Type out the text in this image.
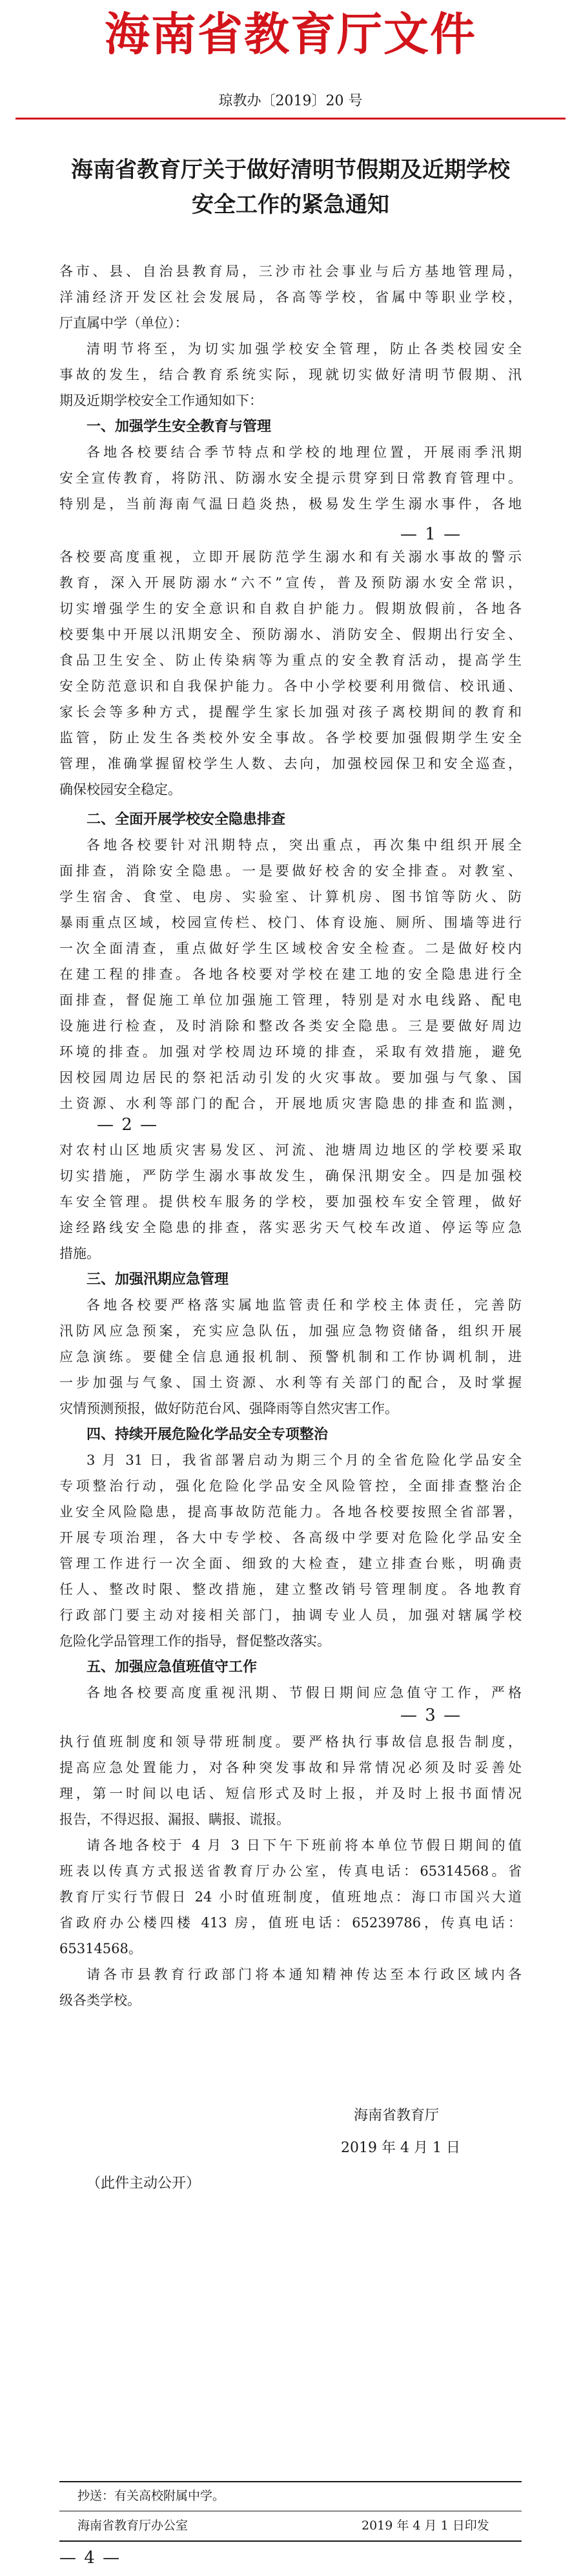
海南省教育厅文件
琼教办〔2019〕20 号
海南省教育厅关于做好清明节假期及近期学校
安全工作的紧急通知
各市、县、自治县教育局，三沙市社会事业与后方基地管理局，
洋浦经济开发区社会发展局，各高等学校，省属中等职业学校，
厅直属中学（单位）：
清明节将至，为切实加强学校安全管理，防止各类校园安全
事故的发生，结合教育系统实际，现就切实做好清明节假期、汛
期及近期学校安全工作通知如下：
一、加强学生安全教育与管理
各地各校要结合季节特点和学校的地理位置，开展雨季汛期
安全宣传教育，将防汛、防溺水安全提示贯穿到日常教育管理中。
特别是，当前海南气温日趋炎热，极易发生学生溺水事件，各地
— 1 —
各校要高度重视，立即开展防范学生溺水和有关溺水事故的警示
教育，深入开展防溺水“六不”宣传，普及预防溺水安全常识，
切实增强学生的安全意识和自救自护能力。假期放假前，各地各
校要集中开展以汛期安全、预防溺水、消防安全、假期出行安全、
食品卫生安全、防止传染病等为重点的安全教育活动，提高学生
安全防范意识和自我保护能力。各中小学校要利用微信、校讯通、
家长会等多种方式，提醒学生家长加强对孩子离校期间的教育和
监管，防止发生各类校外安全事故。各学校要加强假期学生安全
管理，准确掌握留校学生人数、去向，加强校园保卫和安全巡查，
确保校园安全稳定。
二、全面开展学校安全隐患排查
各地各校要针对汛期特点，突出重点，再次集中组织开展全
面排查，消除安全隐患。一是要做好校舍的安全排查。对教室、
学生宿舍、食堂、电房、实验室、计算机房、图书馆等防火、防
暴雨重点区域，校园宣传栏、校门、体育设施、厕所、围墙等进行
一次全面清查，重点做好学生区域校舍安全检查。二是做好校内
在建工程的排查。各地各校要对学校在建工地的安全隐患进行全
面排查，督促施工单位加强施工管理，特别是对水电线路、配电
设施进行检查，及时消除和整改各类安全隐患。三是要做好周边
环境的排查。加强对学校周边环境的排查，采取有效措施，避免
因校园周边居民的祭祀活动引发的火灾事故。要加强与气象、国
土资源、水利等部门的配合，开展地质灾害隐患的排查和监测，
— 2 —
对农村山区地质灾害易发区、河流、池塘周边地区的学校要采取
切实措施，严防学生溺水事故发生，确保汛期安全。四是加强校
车安全管理。提供校车服务的学校，要加强校车安全管理，做好
途经路线安全隐患的排查，落实恶劣天气校车改道、停运等应急
措施。
三、加强汛期应急管理
各地各校要严格落实属地监管责任和学校主体责任，完善防
汛防风应急预案，充实应急队伍，加强应急物资储备，组织开展
应急演练。要健全信息通报机制、预警机制和工作协调机制，进
一步加强与气象、国土资源、水利等有关部门的配合，及时掌握
灾情预测预报，做好防范台风、强降雨等自然灾害工作。
四、持续开展危险化学品安全专项整治
3 月 31 日，我省部署启动为期三个月的全省危险化学品安全
专项整治行动，强化危险化学品安全风险管控，全面排查整治企
业安全风险隐患，提高事故防范能力。各地各校要按照全省部署，
开展专项治理，各大中专学校、各高级中学要对危险化学品安全
管理工作进行一次全面、细致的大检查，建立排查台账，明确责
任人、整改时限、整改措施，建立整改销号管理制度。各地教育
行政部门要主动对接相关部门，抽调专业人员，加强对辖属学校
危险化学品管理工作的指导，督促整改落实。
五、加强应急值班值守工作
各地各校要高度重视汛期、节假日期间应急值守工作，严格
— 3 —
执行值班制度和领导带班制度。要严格执行事故信息报告制度，
提高应急处置能力，对各种突发事故和异常情况必须及时妥善处
理，第一时间以电话、短信形式及时上报，并及时上报书面情况
报告，不得迟报、漏报、瞒报、谎报。
请各地各校于 4 月 3 日下午下班前将本单位节假日期间的值
班表以传真方式报送省教育厅办公室，传真电话：65314568。省
教育厅实行节假日 24 小时值班制度，值班地点：海口市国兴大道
省政府办公楼四楼 413 房，值班电话：65239786，传真电话：
65314568。
请各市县教育行政部门将本通知精神传达至本行政区域内各
级各类学校。
海南省教育厅
2019 年 4 月 1 日
（此件主动公开）
抄送：有关高校附属中学。
海南省教育厅办公室	2019 年 4 月 1 日印发
— 4 —
